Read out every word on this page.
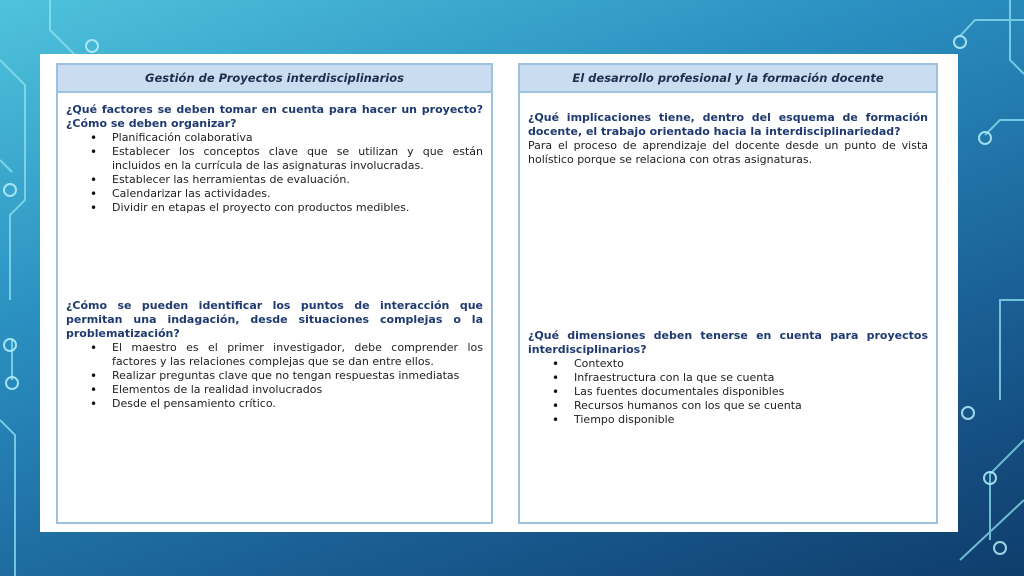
Gestión de Proyectos interdisciplinarios

¿Qué factores se deben tomar en cuenta para hacer un proyecto? ¿Cómo se deben organizar?

• Planificación colaborativa
• Establecer los conceptos clave que se utilizan y que están incluidos en la currícula de las asignaturas involucradas.
• Establecer las herramientas de evaluación.
• Calendarizar las actividades.
• Dividir en etapas el proyecto con productos medibles.

¿Cómo se pueden identificar los puntos de interacción que permitan una indagación, desde situaciones complejas o la problematización?

• El maestro es el primer investigador, debe comprender los factores y las relaciones complejas que se dan entre ellos.
• Realizar preguntas clave que no tengan respuestas inmediatas
• Elementos de la realidad involucrados
• Desde el pensamiento crítico.
El desarrollo profesional y la formación docente

¿Qué implicaciones tiene, dentro del esquema de formación docente, el trabajo orientado hacia la interdisciplinariedad?

Para el proceso de aprendizaje del docente desde un punto de vista holístico porque se relaciona con otras asignaturas.

¿Qué dimensiones deben tenerse en cuenta para proyectos interdisciplinarios?

• Contexto
• Infraestructura con la que se cuenta
• Las fuentes documentales disponibles
• Recursos humanos con los que se cuenta
• Tiempo disponible
